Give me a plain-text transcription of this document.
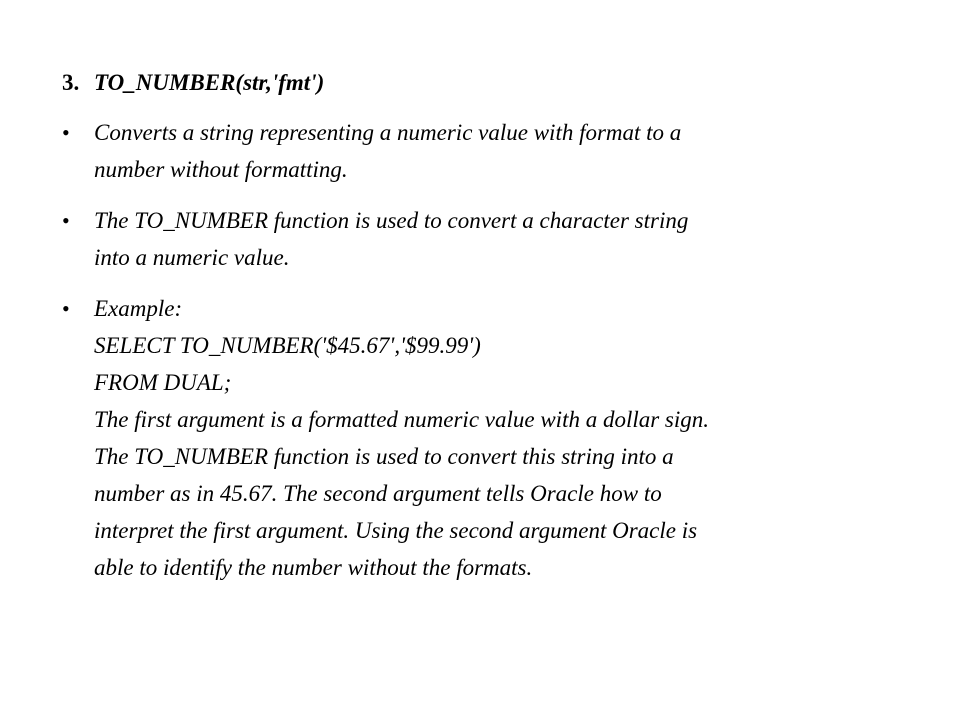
3. TO_NUMBER(str,'fmt')
• Converts a string representing a numeric value with format to a
number without formatting.
• The TO_NUMBER function is used to convert a character string
into a numeric value.
• Example:
SELECT TO_NUMBER('$45.67','$99.99')
FROM DUAL;
The first argument is a formatted numeric value with a dollar sign.
The TO_NUMBER function is used to convert this string into a
number as in 45.67. The second argument tells Oracle how to
interpret the first argument. Using the second argument Oracle is
able to identify the number without the formats.
